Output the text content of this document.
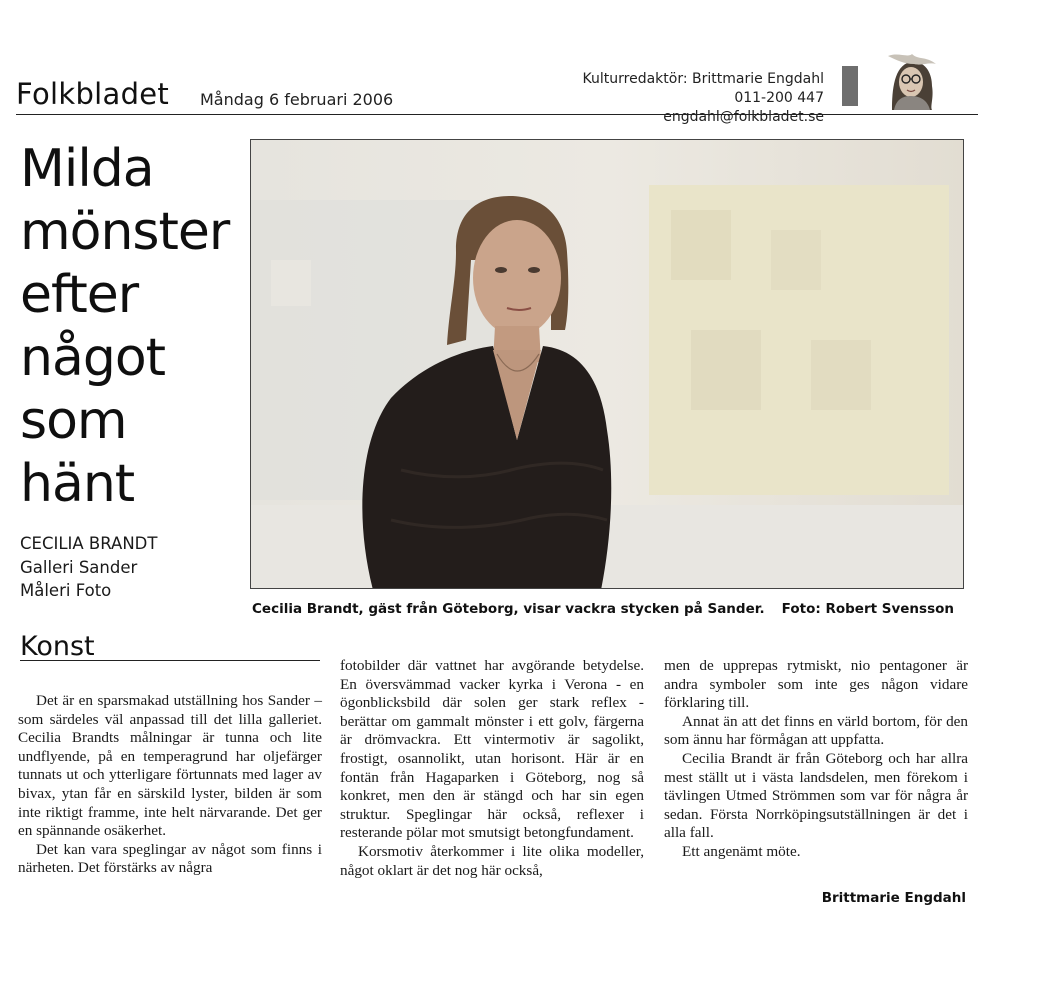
Folkbladet Måndag 6 februari 2006
Kulturredaktör: Brittmarie Engdahl
011-200 447 engdahl@folkbladet.se
Milda
mönster
efter
något
som
hänt
CECILIA BRANDT
Galleri Sander
Måleri Foto
Cecilia Brandt, gäst från Göteborg, visar vackra stycken på Sander. Foto: Robert Svensson
Konst

Det är en sparsmakad utställning hos Sander – som särdeles väl anpassad till det lilla galleriet. Cecilia Brandts målningar är tunna och lite undflyende, på en temperagrund har oljefärger tunnats ut och ytterligare förtunnats med lager av bivax, ytan får en särskild lyster, bilden är som inte riktigt framme, inte helt närvarande. Det ger en spännande osäkerhet.

Det kan vara speglingar av något som finns i närheten. Det förstärks av några

fotobilder där vattnet har avgörande betydelse. En översvämmad vacker kyrka i Verona - en ögonblicksbild där solen ger stark reflex - berättar om gammalt mönster i ett golv, färgerna är drömvackra. Ett vintermotiv är sagolikt, frostigt, osannolikt, utan horisont. Här är en fontän från Hagaparken i Göteborg, nog så konkret, men den är stängd och har sin egen struktur. Speglingar här också, reflexer i resterande pölar mot smutsigt betongfundament.

Korsmotiv återkommer i lite olika modeller, något oklart är det nog här också,

men de upprepas rytmiskt, nio pentagoner är andra symboler som inte ges någon vidare förklaring till.

Annat än att det finns en värld bortom, för den som ännu har förmågan att uppfatta.

Cecilia Brandt är från Göteborg och har allra mest ställt ut i västa landsdelen, men förekom i tävlingen Utmed Strömmen som var för några år sedan. Första Norrköpingsutställningen är det i alla fall.

Ett angenämt möte.

Brittmarie Engdahl
